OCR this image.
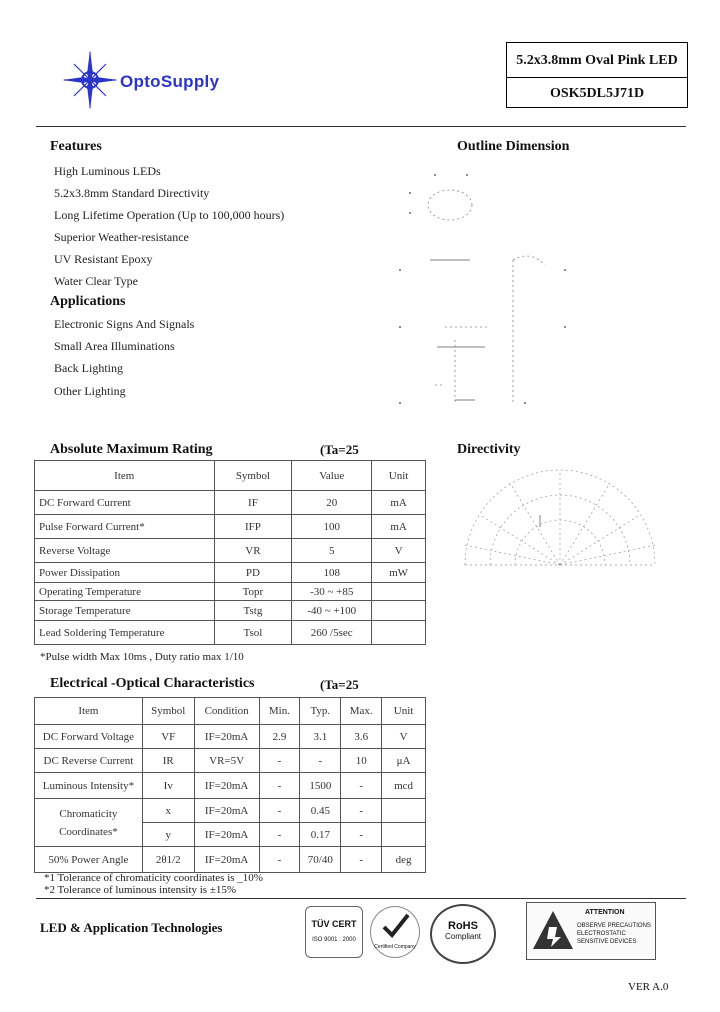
OptoSupply
5.2x3.8mm Oval Pink LED
OSK5DL5J71D
Features
High Luminous LEDs
5.2x3.8mm Standard Directivity
Long Lifetime Operation (Up to 100,000 hours)
Superior Weather-resistance
UV Resistant Epoxy
Water Clear Type
Applications
Electronic Signs And Signals
Small Area Illuminations
Back Lighting
Other Lighting
Outline Dimension
Absolute Maximum Rating	(Ta=25
Item	Symbol	Value	Unit
DC Forward Current	IF	20	mA
Pulse Forward Current*	IFP	100	mA
Reverse Voltage	VR	5	V
Power Dissipation	PD	108	mW
Operating Temperature	Topr	-30 ~ +85	
Storage Temperature	Tstg	-40 ~ +100	
Lead Soldering Temperature	Tsol	260 /5sec	
*Pulse width Max 10ms , Duty ratio max 1/10
Directivity
Electrical -Optical Characteristics	(Ta=25
Item	Symbol	Condition	Min.	Typ.	Max.	Unit
DC Forward Voltage	VF	IF=20mA	2.9	3.1	3.6	V
DC Reverse Current	IR	VR=5V	-	-	10	μA
Luminous Intensity*	Iv	IF=20mA	-	1500	-	mcd
Chromaticity Coordinates*	x	IF=20mA	-	0.45	-	
	y	IF=20mA	-	0.17	-	
50% Power Angle	2θ1/2	IF=20mA	-	70/40	-	deg
*1 Tolerance of chromaticity coordinates is _10%
*2 Tolerance of luminous intensity is ±15%
LED & Application Technologies	TÜV CERT
ISO 9001 : 2000
Certified Company
RoHS
Compliant
ATTENTION
OBSERVE PRECAUTIONS
ELECTROSTATIC
SENSITIVE DEVICES
VER A.0
